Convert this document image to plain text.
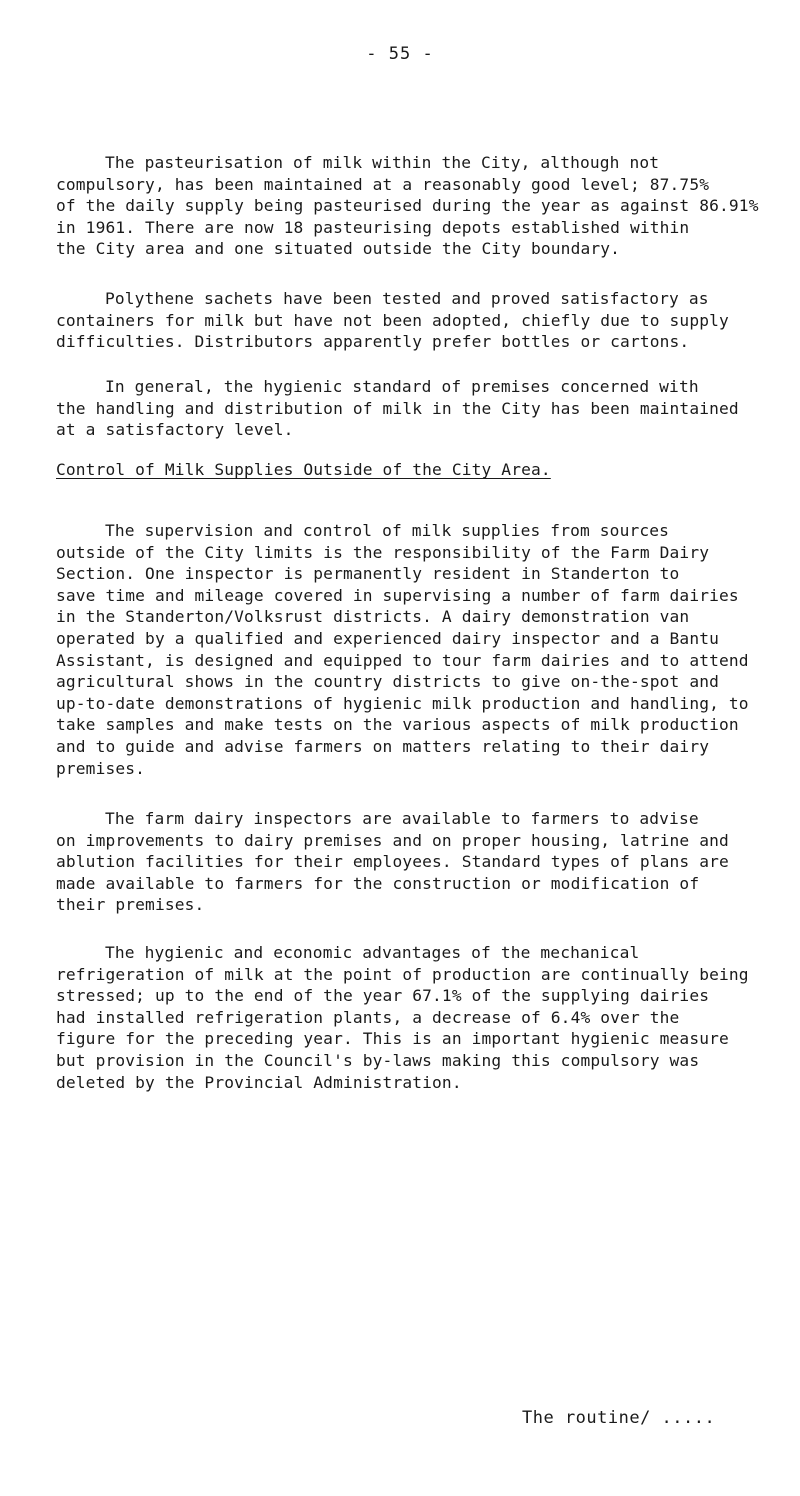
- 55 -

The pasteurisation of milk within the City, although not
compulsory, has been maintained at a reasonably good level; 87.75%
of the daily supply being pasteurised during the year as against 86.91%
in 1961. There are now 18 pasteurising depots established within
the City area and one situated outside the City boundary.

Polythene sachets have been tested and proved satisfactory as
containers for milk but have not been adopted, chiefly due to supply
difficulties. Distributors apparently prefer bottles or cartons.

In general, the hygienic standard of premises concerned with
the handling and distribution of milk in the City has been maintained
at a satisfactory level.

Control of Milk Supplies Outside of the City Area.

The supervision and control of milk supplies from sources
outside of the City limits is the responsibility of the Farm Dairy
Section. One inspector is permanently resident in Standerton to
save time and mileage covered in supervising a number of farm dairies
in the Standerton/Volksrust districts. A dairy demonstration van
operated by a qualified and experienced dairy inspector and a Bantu
Assistant, is designed and equipped to tour farm dairies and to attend
agricultural shows in the country districts to give on-the-spot and
up-to-date demonstrations of hygienic milk production and handling, to
take samples and make tests on the various aspects of milk production
and to guide and advise farmers on matters relating to their dairy
premises.

The farm dairy inspectors are available to farmers to advise
on improvements to dairy premises and on proper housing, latrine and
ablution facilities for their employees. Standard types of plans are
made available to farmers for the construction or modification of
their premises.

The hygienic and economic advantages of the mechanical
refrigeration of milk at the point of production are continually being
stressed; up to the end of the year 67.1% of the supplying dairies
had installed refrigeration plants, a decrease of 6.4% over the
figure for the preceding year. This is an important hygienic measure
but provision in the Council's by-laws making this compulsory was
deleted by the Provincial Administration.

The routine/ .....
